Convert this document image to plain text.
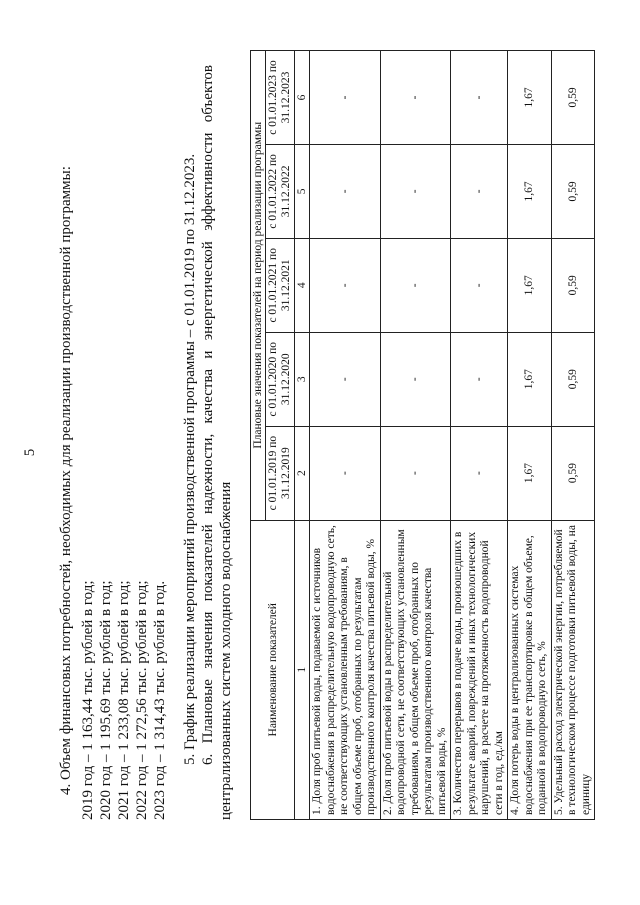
5 4. Объем финансовых потребностей, необходимых для реализации производственной программы: 2019 год – 1 163,44 тыс. рублей в год; 2020 год – 1 195,69 тыс. рублей в год; 2021 год – 1 233,08 тыс. рублей в год; 2022 год – 1 272,56 тыс. рублей в год; 2023 год – 1 314,43 тыс. рублей в год. 5. График реализации мероприятий производственной программы – с 01.01.2019 по 31.12.2023. 6. Плановые значения показателей надежности, качества и энергетической эффективности объектов централизованных систем холодного водоснабжения	Наименование показателей	Плановые значения показателей на период реализации программы				
	с 01.01.2019 по 31.12.2019	с 01.01.2020 по 31.12.2020	с 01.01.2021 по 31.12.2021	с 01.01.2022 по 31.12.2022	с 01.01.2023 по 31.12.2023
1	2	3	4	5	6
1. Доля проб питьевой воды, подаваемой с источников водоснабжения в распределительную водопроводную сеть, не соответствующих установленным требованиям, в общем объеме проб, отобранных по результатам производственного контроля качества питьевой воды, %	-	-	-	-	-
2. Доля проб питьевой воды в распределительной водопроводной сети, не соответствующих установленным требованиям, в общем объеме проб, отобранных по результатам производственного контроля качества питьевой воды, %	-	-	-	-	-
3. Количество перерывов в подаче воды, произошедших в результате аварий, повреждений и иных технологических нарушений, в расчете на протяженность водопроводной сети в год, ед./км	-	-	-	-	-
4. Доля потерь воды в централизованных системах водоснабжения при ее транспортировке в общем объеме, поданной в водопроводную сеть, %	1,67	1,67	1,67	1,67	1,67
5. Удельный расход электрической энергии, потребляемой в технологическом процессе подготовки питьевой воды, на единицу	0,59	0,59	0,59	0,59	0,59
